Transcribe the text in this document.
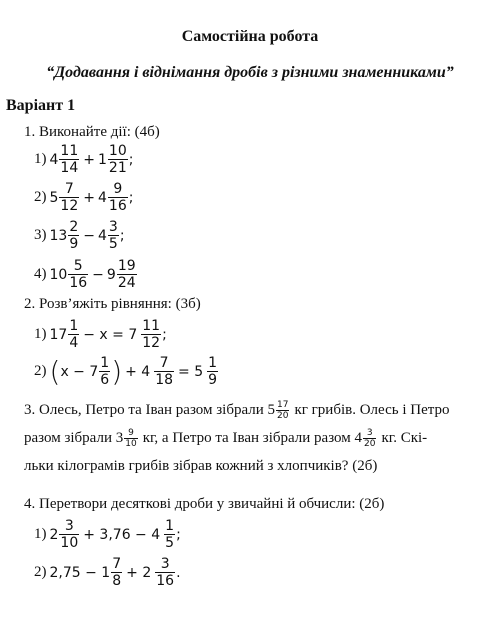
Самостійна робота
“Додавання і віднімання дробів з різними знаменниками”
Варіант 1
1. Виконайте дії: (4б)
1) $4 \frac{11}{14} + 1 \frac{10}{21}$ ;
2) $5 \frac{7}{12} + 4 \frac{9}{16}$ ;
3) $13 \frac{2}{9} - 4 \frac{3}{5}$ ;
4) $10 \frac{5}{16} - 9 \frac{19}{24}$
2. Розв’яжіть рівняння: (3б)
1) $17 \frac{1}{4} - x = 7 \frac{11}{12}$ ;
2) ( $x - 7 \frac{1}{6}$ ) + $4 \frac{7}{18} = 5 \frac{1}{9}$
3. Олесь, Петро та Іван разом зібрали $5 \frac{17}{20}$ кг грибів. Олесь і Петро
разом зібрали $3 \frac{9}{10}$ кг, а Петро та Іван зібрали разом $4 \frac{3}{20}$ кг. Скі-
льки кілограмів грибів зібрав кожний з хлопчиків? (2б)
4. Перетвори десяткові дроби у звичайні й обчисли: (2б)
1) $2 \frac{3}{10} + 3,76 - 4 \frac{1}{5}$ ;
2) $2,75 - 1 \frac{7}{8} + 2 \frac{3}{16}$ .
